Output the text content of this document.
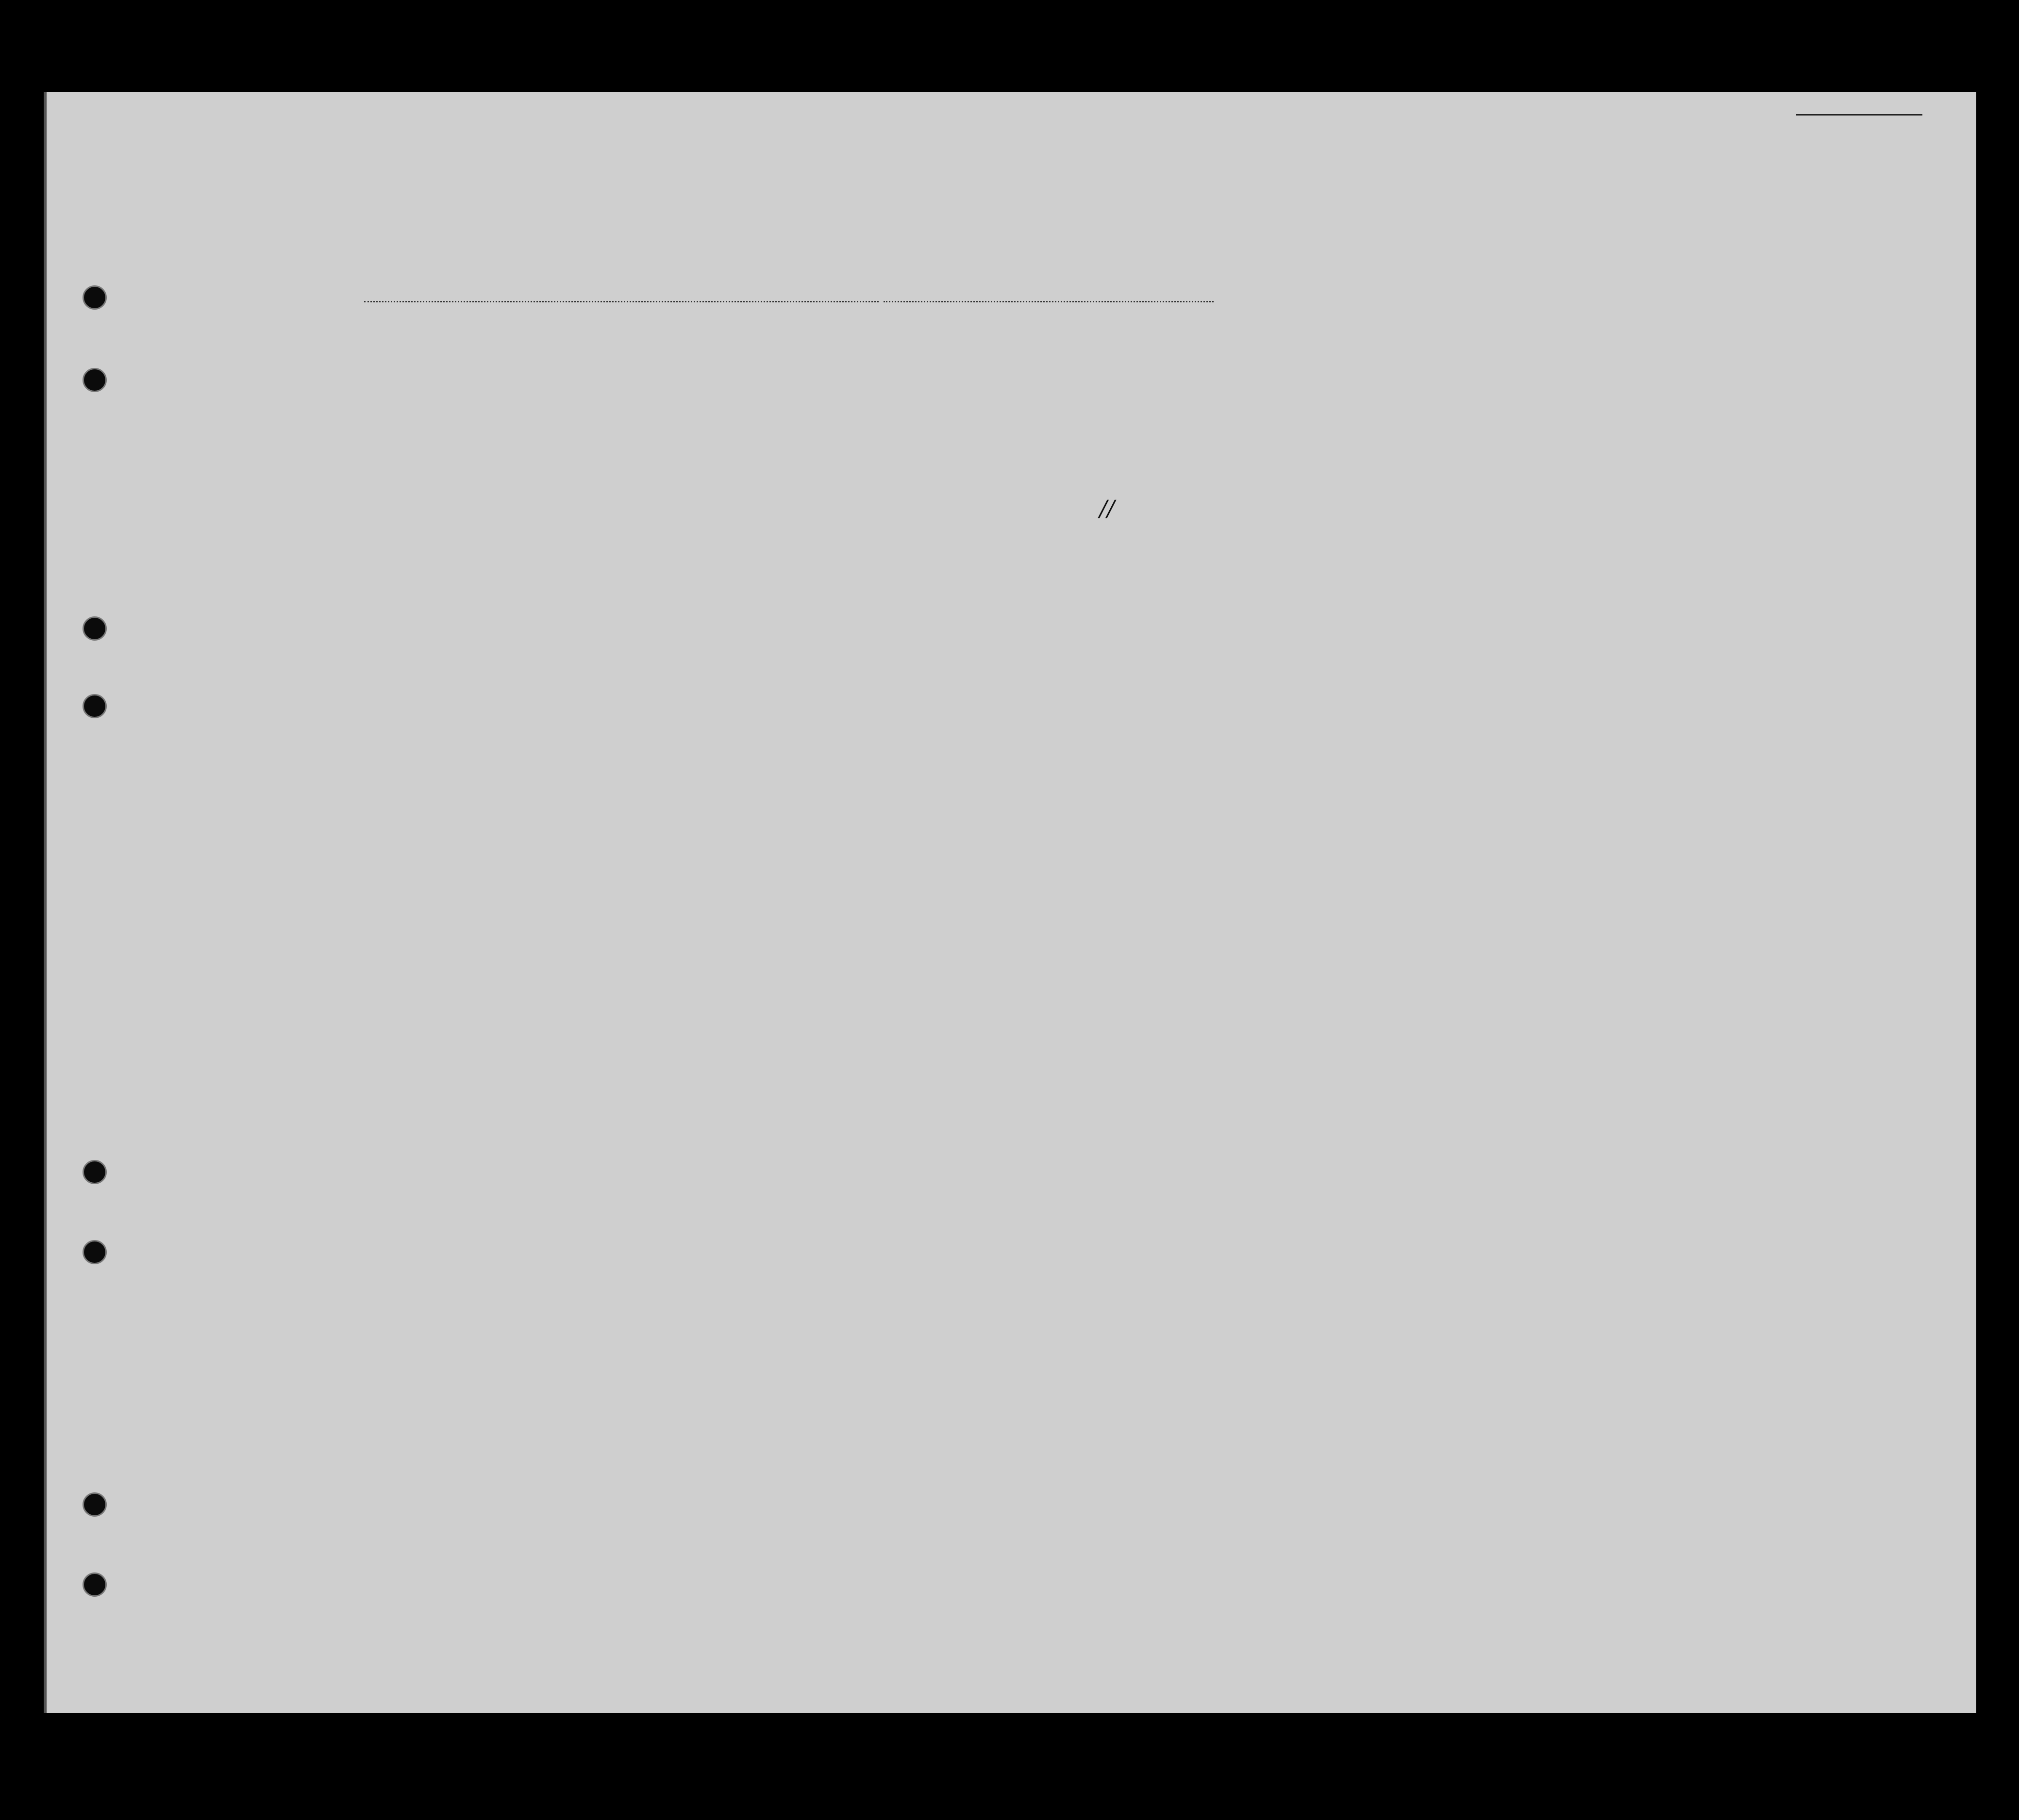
//
